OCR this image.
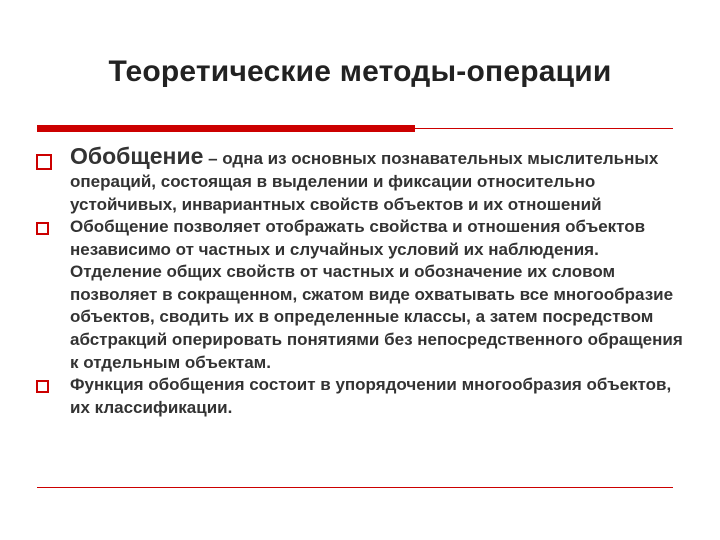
Теоретические методы-операции
Обобщение – одна из основных познавательных мыслительных операций, состоящая в выделении и фиксации относительно устойчивых, инвариантных свойств объектов и их отношений
Обобщение позволяет отображать свойства и отношения объектов независимо от частных и случайных условий их наблюдения. Отделение общих свойств от частных и обозначение их словом позволяет в сокращенном, сжатом виде охватывать все многообразие объектов, сводить их в определенные классы, а затем посредством абстракций оперировать понятиями без непосредственного обращения к отдельным объектам.
Функция обобщения состоит в упорядочении многообразия объектов, их классификации.
